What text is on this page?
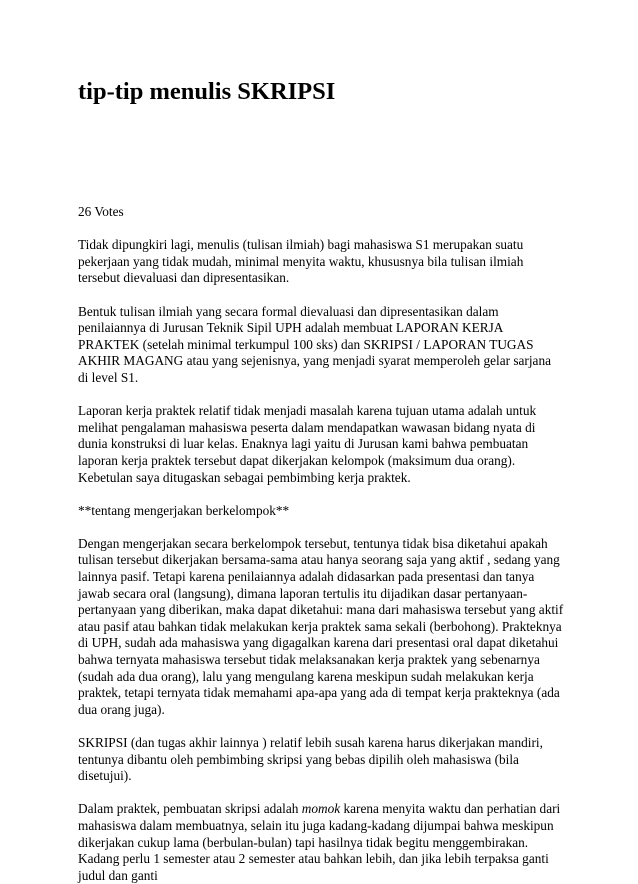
tip-tip menulis SKRIPSI

26 Votes

Tidak dipungkiri lagi, menulis (tulisan ilmiah) bagi mahasiswa S1 merupakan suatu pekerjaan yang tidak mudah, minimal menyita waktu, khususnya bila tulisan ilmiah tersebut dievaluasi dan dipresentasikan.

Bentuk tulisan ilmiah yang secara formal dievaluasi dan dipresentasikan dalam penilaiannya di Jurusan Teknik Sipil UPH adalah membuat LAPORAN KERJA PRAKTEK (setelah minimal terkumpul 100 sks) dan SKRIPSI / LAPORAN TUGAS AKHIR MAGANG atau yang sejenisnya, yang menjadi syarat memperoleh gelar sarjana di level S1.

Laporan kerja praktek relatif tidak menjadi masalah karena tujuan utama adalah untuk melihat pengalaman mahasiswa peserta dalam mendapatkan wawasan bidang nyata di dunia konstruksi di luar kelas. Enaknya lagi yaitu di Jurusan kami bahwa pembuatan laporan kerja praktek tersebut dapat dikerjakan kelompok (maksimum dua orang). Kebetulan saya ditugaskan sebagai pembimbing kerja praktek.

**tentang mengerjakan berkelompok**

Dengan mengerjakan secara berkelompok tersebut, tentunya tidak bisa diketahui apakah tulisan tersebut dikerjakan bersama-sama atau hanya seorang saja yang aktif , sedang yang lainnya pasif. Tetapi karena penilaiannya adalah didasarkan pada presentasi dan tanya jawab secara oral (langsung), dimana laporan tertulis itu dijadikan dasar pertanyaan-pertanyaan yang diberikan, maka dapat diketahui: mana dari mahasiswa tersebut yang aktif atau pasif atau bahkan tidak melakukan kerja praktek sama sekali (berbohong). Prakteknya di UPH, sudah ada mahasiswa yang digagalkan karena dari presentasi oral dapat diketahui bahwa ternyata mahasiswa tersebut tidak melaksanakan kerja praktek yang sebenarnya (sudah ada dua orang), lalu yang mengulang karena meskipun sudah melakukan kerja praktek, tetapi ternyata tidak memahami apa-apa yang ada di tempat kerja prakteknya (ada dua orang juga).

SKRIPSI (dan tugas akhir lainnya ) relatif lebih susah karena harus dikerjakan mandiri, tentunya dibantu oleh pembimbing skripsi yang bebas dipilih oleh mahasiswa (bila disetujui).

Dalam praktek, pembuatan skripsi adalah momok karena menyita waktu dan perhatian dari mahasiswa dalam membuatnya, selain itu juga kadang-kadang dijumpai bahwa meskipun dikerjakan cukup lama (berbulan-bulan) tapi hasilnya tidak begitu menggembirakan. Kadang perlu 1 semester atau 2 semester atau bahkan lebih, dan jika lebih terpaksa ganti judul dan ganti
